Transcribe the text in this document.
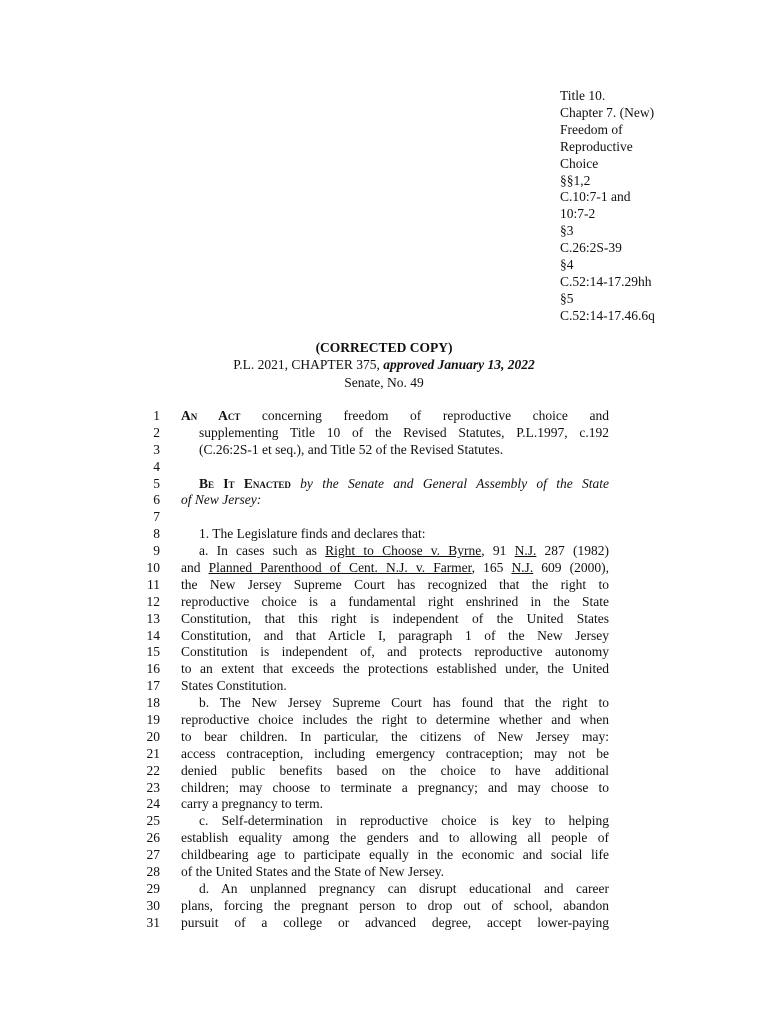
Title 10.
Chapter 7. (New)
Freedom of
Reproductive
Choice
§§1,2
C.10:7-1 and
10:7-2
§3
C.26:2S-39
§4
C.52:14-17.29hh
§5
C.52:14-17.46.6q
(CORRECTED COPY)
P.L. 2021, CHAPTER 375, approved January 13, 2022
Senate, No. 49
1 An Act concerning freedom of reproductive choice and
2	supplementing Title 10 of the Revised Statutes, P.L.1997, c.192
3	(C.26:2S-1 et seq.), and Title 52 of the Revised Statutes.
4
5	Be It Enacted by the Senate and General Assembly of the State
6 of New Jersey:
7
8	1. The Legislature finds and declares that:
9	a. In cases such as Right to Choose v. Byrne, 91 N.J. 287 (1982)
10 and Planned Parenthood of Cent. N.J. v. Farmer, 165 N.J. 609 (2000),
11 the New Jersey Supreme Court has recognized that the right to
12 reproductive choice is a fundamental right enshrined in the State
13 Constitution, that this right is independent of the United States
14 Constitution, and that Article I, paragraph 1 of the New Jersey
15 Constitution is independent of, and protects reproductive autonomy
16 to an extent that exceeds the protections established under, the United
17 States Constitution.
18	b. The New Jersey Supreme Court has found that the right to
19 reproductive choice includes the right to determine whether and when
20 to bear children. In particular, the citizens of New Jersey may:
21 access contraception, including emergency contraception; may not be
22 denied public benefits based on the choice to have additional
23 children; may choose to terminate a pregnancy; and may choose to
24 carry a pregnancy to term.
25	c. Self-determination in reproductive choice is key to helping
26 establish equality among the genders and to allowing all people of
27 childbearing age to participate equally in the economic and social life
28 of the United States and the State of New Jersey.
29	d. An unplanned pregnancy can disrupt educational and career
30 plans, forcing the pregnant person to drop out of school, abandon
31 pursuit of a college or advanced degree, accept lower-paying
